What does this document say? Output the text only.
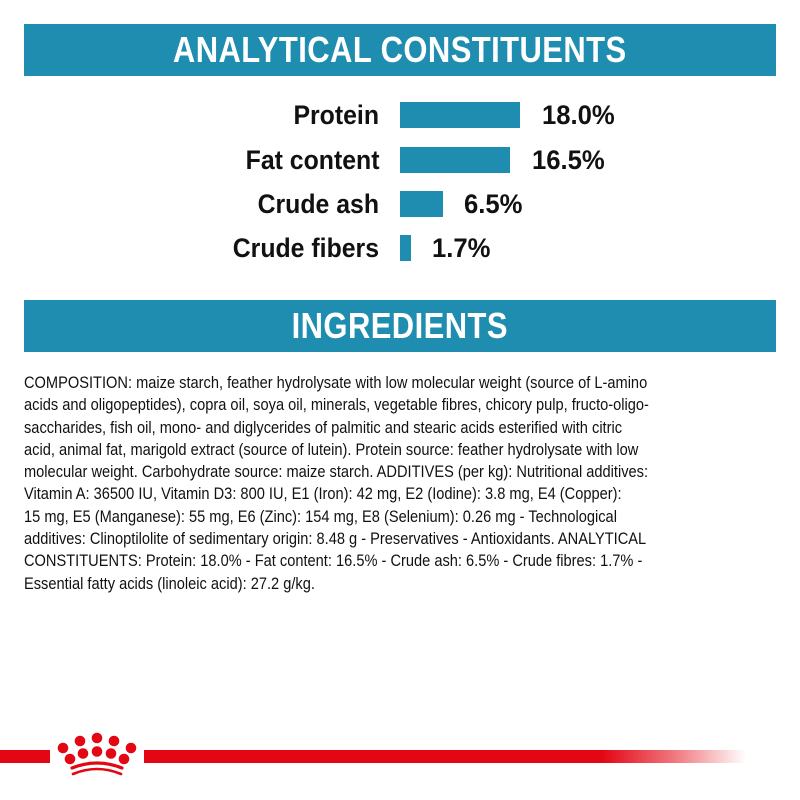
ANALYTICAL CONSTITUENTS
Protein	18.0%
Fat content	16.5%
Crude ash	6.5%
Crude fibers 1.7%
INGREDIENTS
COMPOSITION: maize starch, feather hydrolysate with low molecular weight (source of L-amino
acids and oligopeptides), copra oil, soya oil, minerals, vegetable fibres, chicory pulp, fructo-oligo-
saccharides, fish oil, mono- and diglycerides of palmitic and stearic acids esterified with citric
acid, animal fat, marigold extract (source of lutein). Protein source: feather hydrolysate with low
molecular weight. Carbohydrate source: maize starch. ADDITIVES (per kg): Nutritional additives:
Vitamin A: 36500 IU, Vitamin D3: 800 IU, E1 (Iron): 42 mg, E2 (Iodine): 3.8 mg, E4 (Copper):
15 mg, E5 (Manganese): 55 mg, E6 (Zinc): 154 mg, E8 (Selenium): 0.26 mg - Technological
additives: Clinoptilolite of sedimentary origin: 8.48 g - Preservatives - Antioxidants. ANALYTICAL
CONSTITUENTS: Protein: 18.0% - Fat content: 16.5% - Crude ash: 6.5% - Crude fibres: 1.7% -
Essential fatty acids (linoleic acid): 27.2 g/kg.
